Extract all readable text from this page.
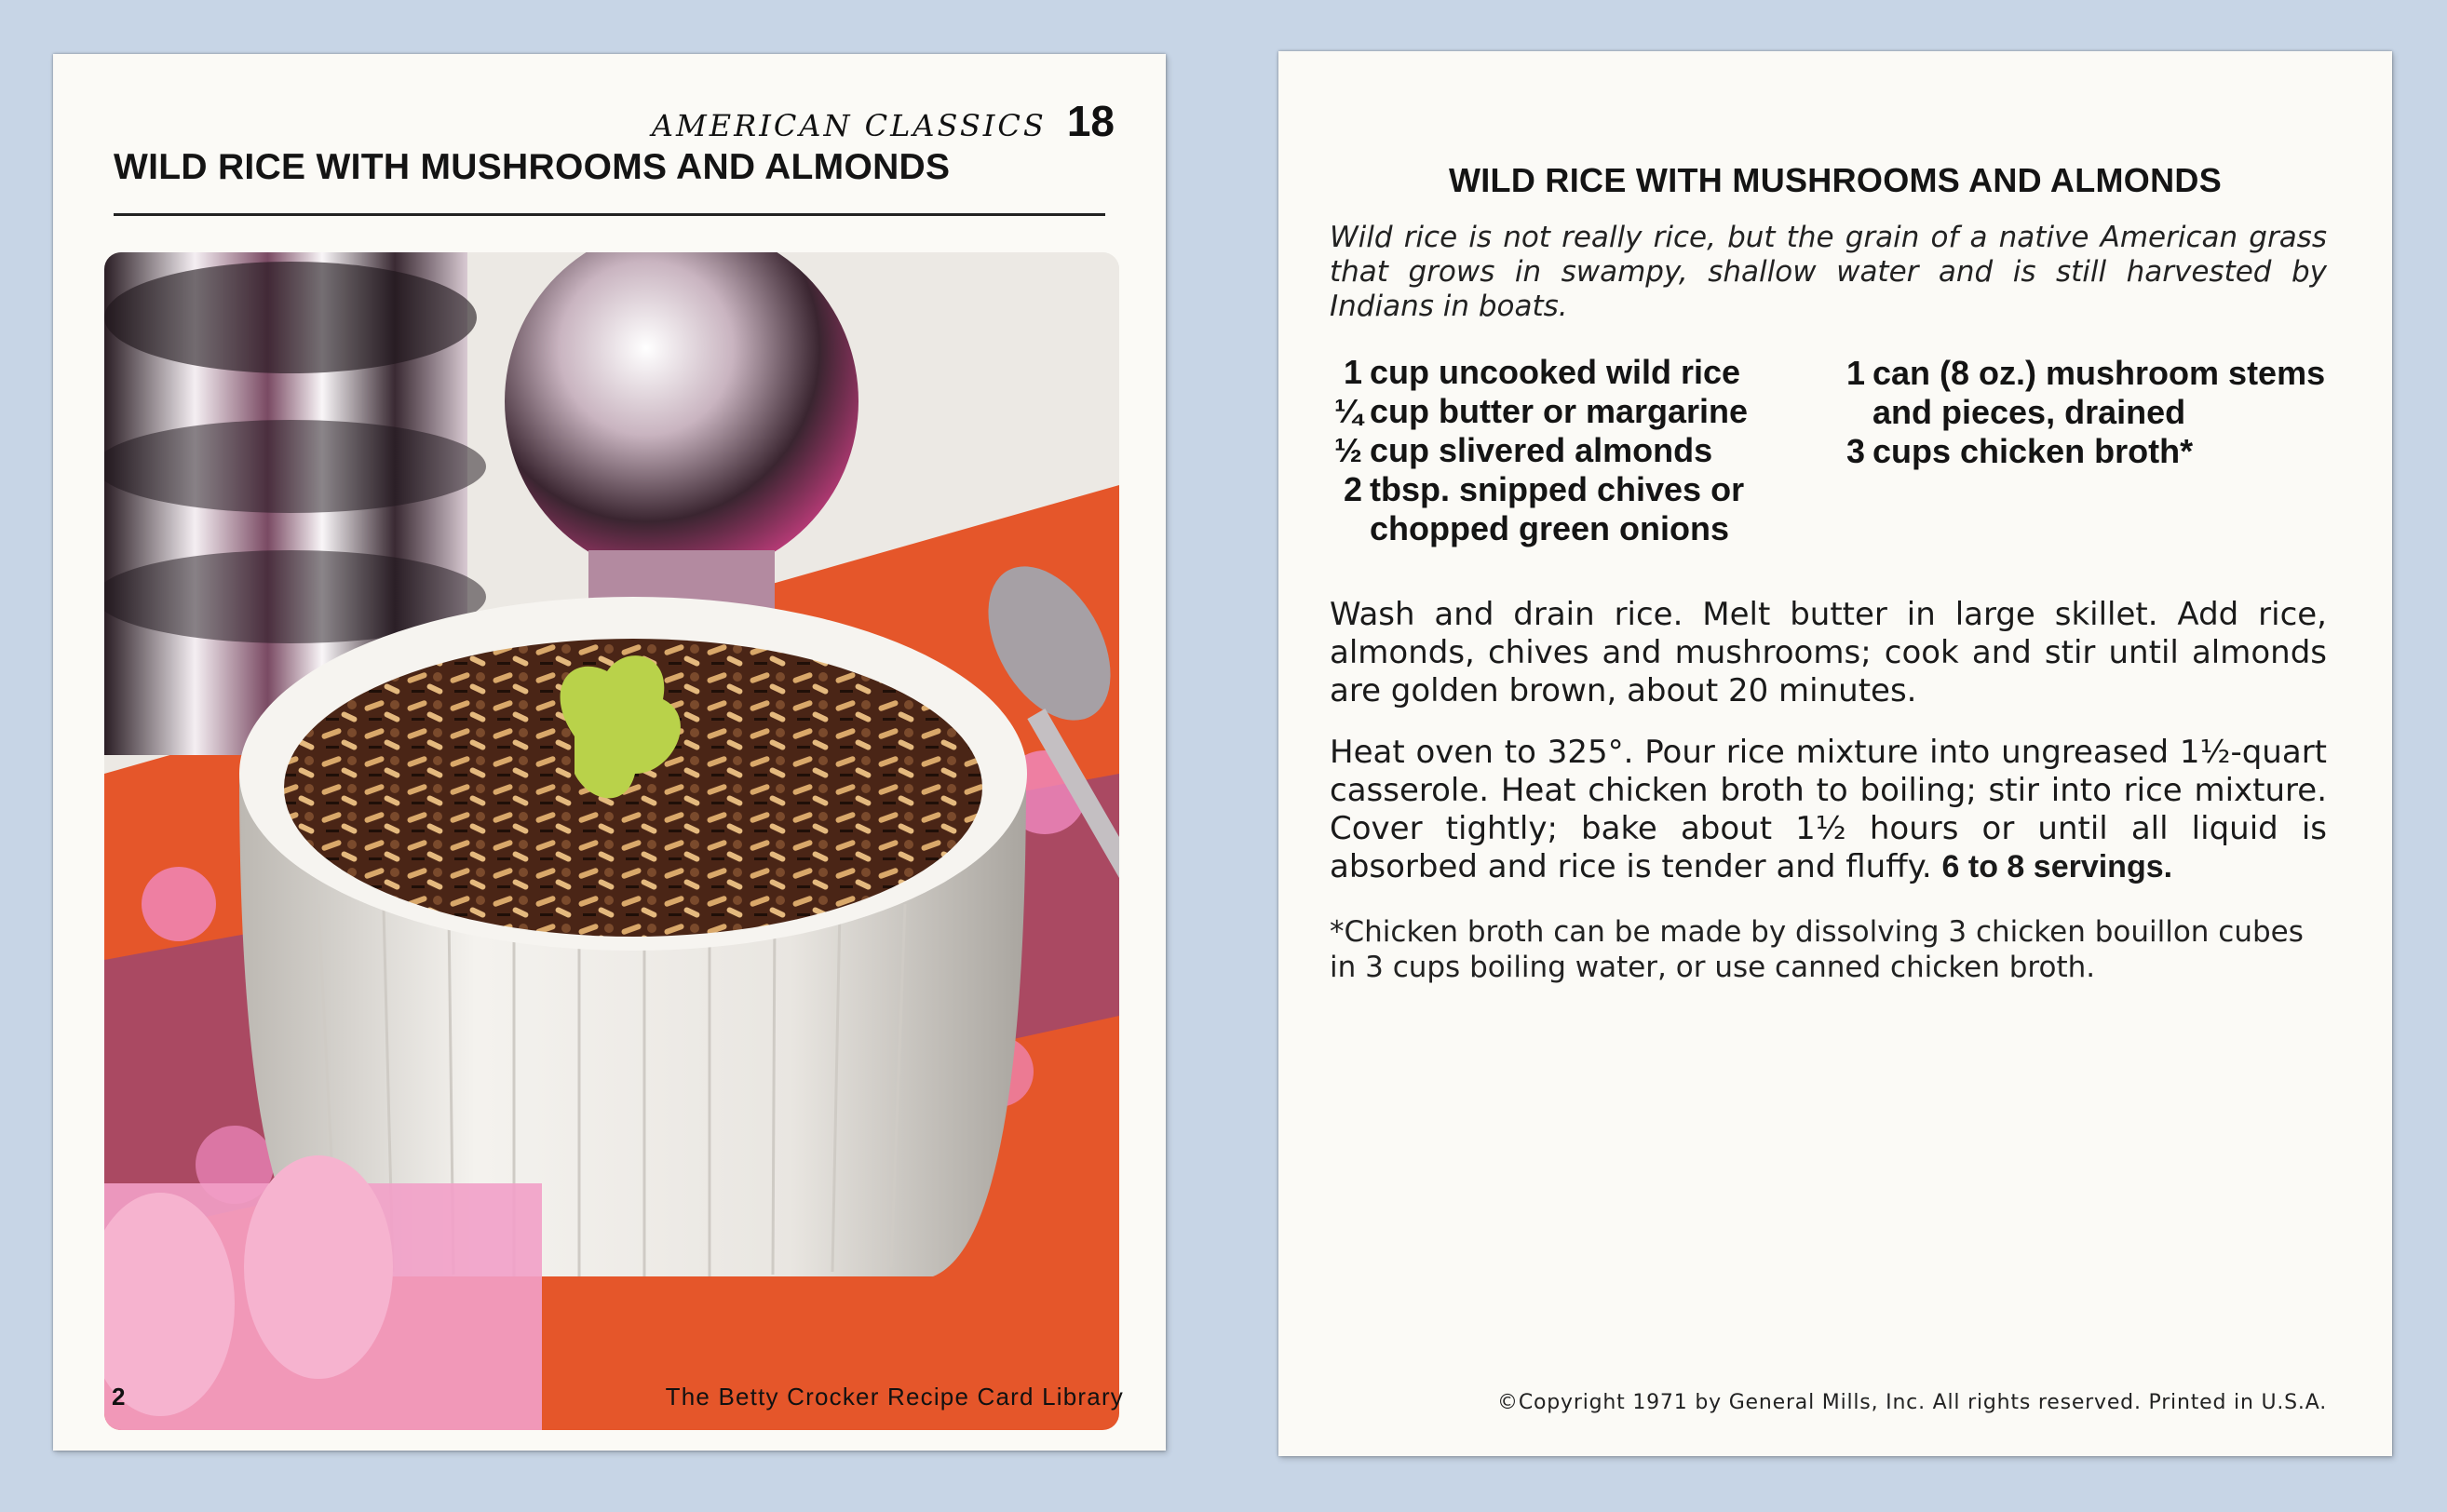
AMERICAN CLASSICS 18
WILD RICE WITH MUSHROOMS AND ALMONDS
2	The Betty Crocker Recipe Card Library
WILD RICE WITH MUSHROOMS AND ALMONDS

Wild rice is not really rice, but the grain of a native American grass that grows in swampy, shallow water and is still harvested by Indians in boats.

1 cup uncooked wild rice
¼ cup butter or margarine
½ cup slivered almonds
2 tbsp. snipped chives or chopped green onions
1 can (8 oz.) mushroom stems and pieces, drained
3 cups chicken broth*

Wash and drain rice. Melt butter in large skillet. Add rice, almonds, chives and mushrooms; cook and stir until almonds are golden brown, about 20 minutes.

Heat oven to 325°. Pour rice mixture into ungreased 1½-quart casserole. Heat chicken broth to boiling; stir into rice mixture. Cover tightly; bake about 1½ hours or until all liquid is absorbed and rice is tender and fluffy. 6 to 8 servings.

*Chicken broth can be made by dissolving 3 chicken bouillon cubes in 3 cups boiling water, or use canned chicken broth.

©Copyright 1971 by General Mills, Inc. All rights reserved. Printed in U.S.A.
